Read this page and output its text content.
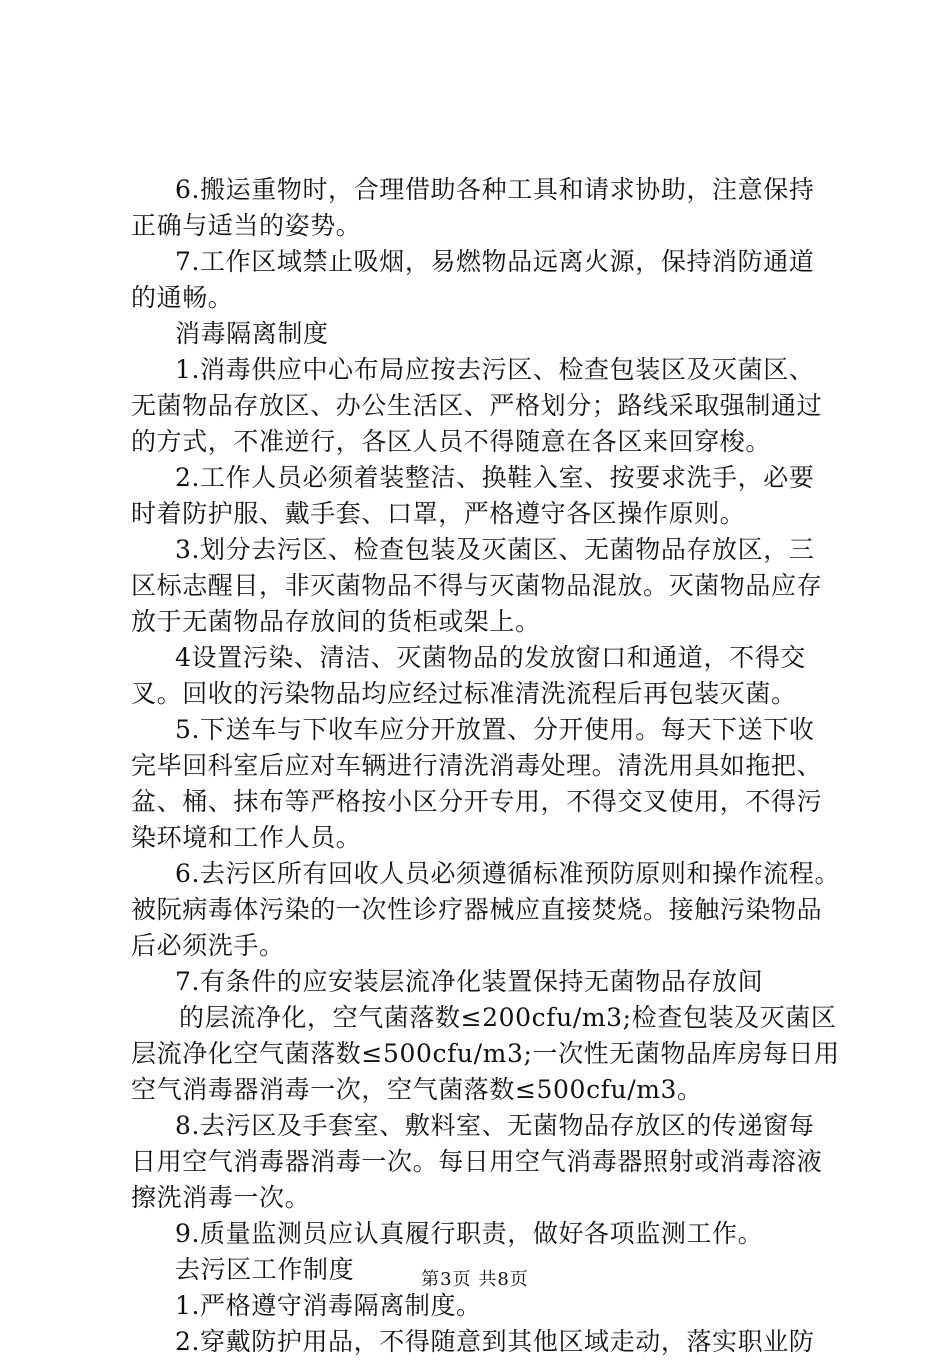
6.搬运重物时，合理借助各种工具和请求协助，注意保持
正确与适当的姿势。
7.工作区域禁止吸烟，易燃物品远离火源，保持消防通道
的通畅。
消毒隔离制度
1.消毒供应中心布局应按去污区、检查包装区及灭菌区、
无菌物品存放区、办公生活区、严格划分；路线采取强制通过
的方式，不准逆行，各区人员不得随意在各区来回穿梭。
2.工作人员必须着装整洁、换鞋入室、按要求洗手，必要
时着防护服、戴手套、口罩，严格遵守各区操作原则。
3.划分去污区、检查包装及灭菌区、无菌物品存放区，三
区标志醒目，非灭菌物品不得与灭菌物品混放。灭菌物品应存
放于无菌物品存放间的货柜或架上。
4设置污染、清洁、灭菌物品的发放窗口和通道，不得交
叉。回收的污染物品均应经过标准清洗流程后再包装灭菌。
5.下送车与下收车应分开放置、分开使用。每天下送下收
完毕回科室后应对车辆进行清洗消毒处理。清洗用具如拖把、
盆、桶、抹布等严格按小区分开专用，不得交叉使用，不得污
染环境和工作人员。
6.去污区所有回收人员必须遵循标准预防原则和操作流程。
被阮病毒体污染的一次性诊疗器械应直接焚烧。接触污染物品
后必须洗手。
7.有条件的应安装层流净化装置保持无菌物品存放间
的层流净化，空气菌落数≤200cfu/m3;检查包装及灭菌区
层流净化空气菌落数≤500cfu/m3;一次性无菌物品库房每日用
空气消毒器消毒一次，空气菌落数≤500cfu/m3。
8.去污区及手套室、敷料室、无菌物品存放区的传递窗每
日用空气消毒器消毒一次。每日用空气消毒器照射或消毒溶液
擦洗消毒一次。
9.质量监测员应认真履行职责，做好各项监测工作。
去污区工作制度
1.严格遵守消毒隔离制度。
2.穿戴防护用品，不得随意到其他区域走动，落实职业防
第3页 共8页
